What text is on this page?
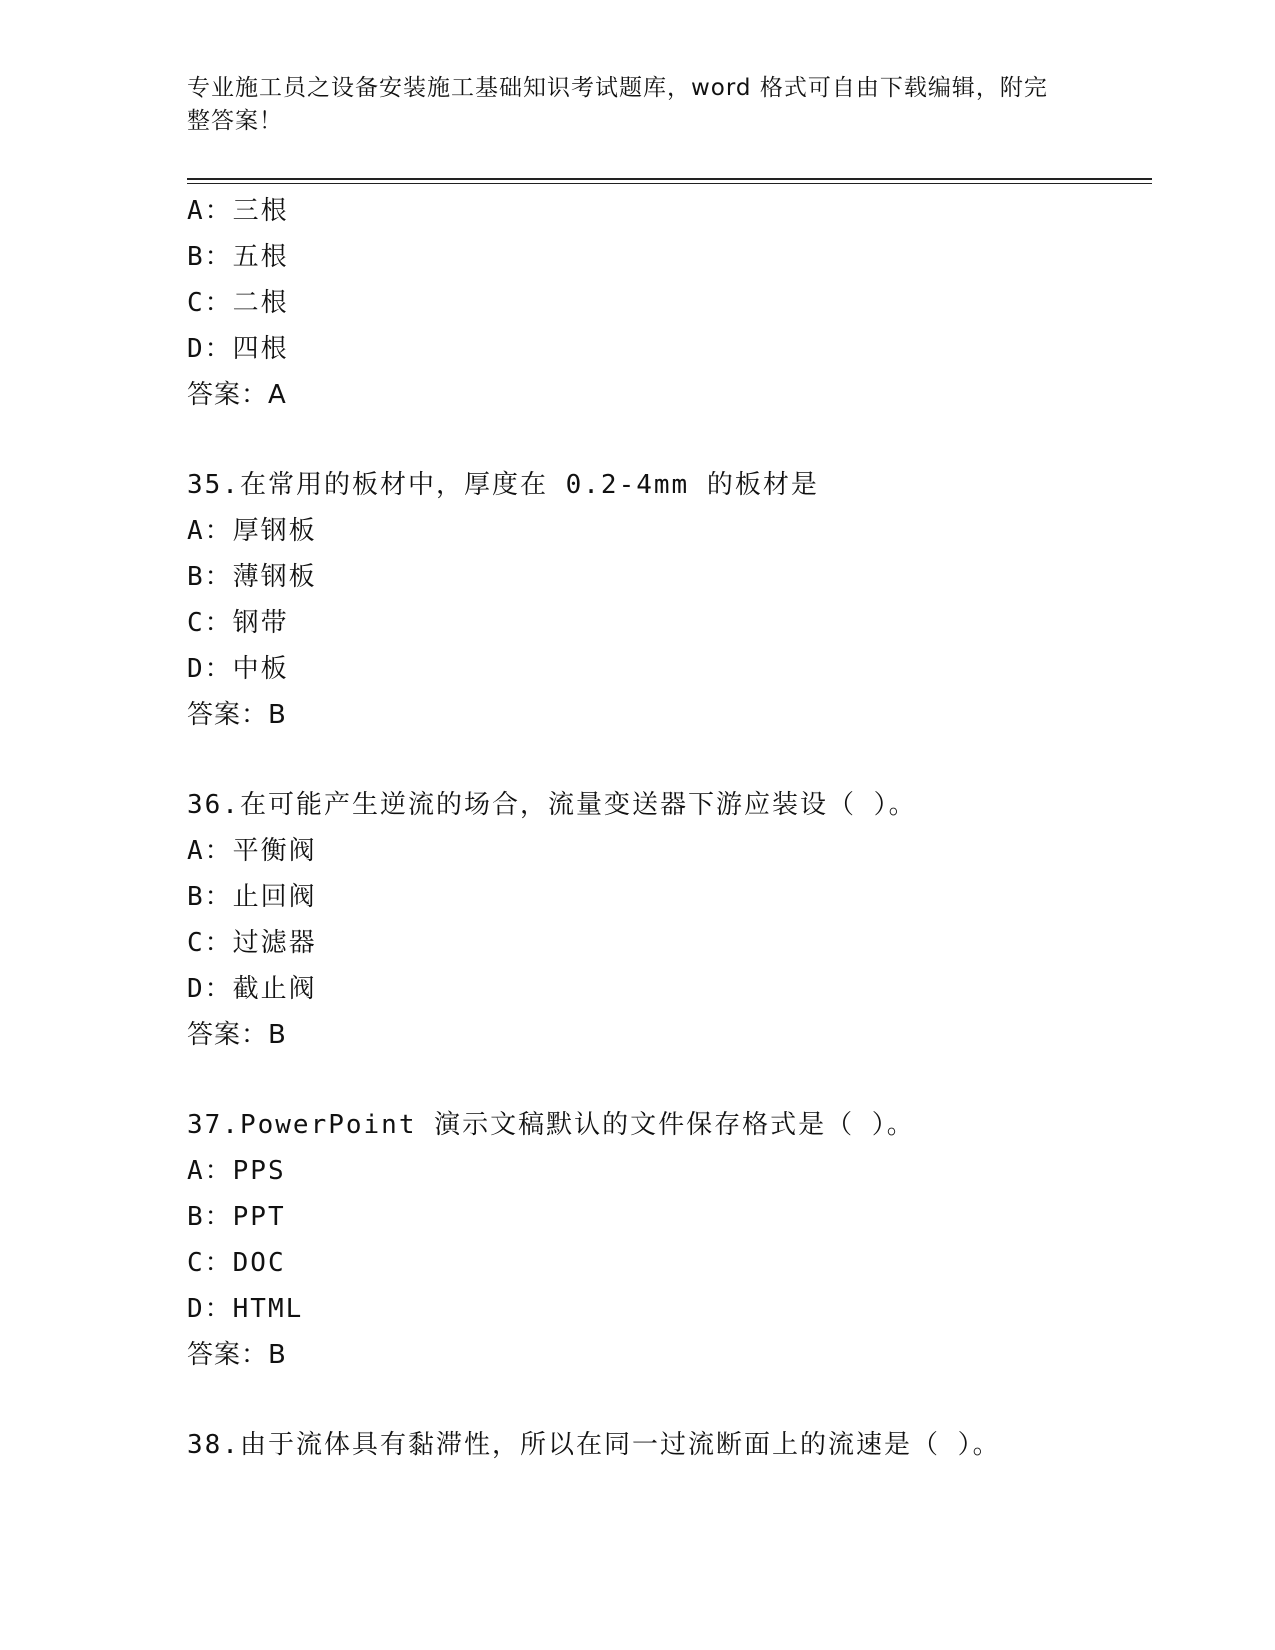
专业施工员之设备安装施工基础知识考试题库，word 格式可自由下载编辑，附完
整答案！
A：三根
B：五根
C：二根
D：四根
答案：A
35.在常用的板材中，厚度在 0.2-4mm 的板材是
A：厚钢板
B：薄钢板
C：钢带
D：中板
答案：B
36.在可能产生逆流的场合，流量变送器下游应装设（ ）。
A：平衡阀
B：止回阀
C：过滤器
D：截止阀
答案：B
37.PowerPoint 演示文稿默认的文件保存格式是（ ）。
A：PPS
B：PPT
C：DOC
D：HTML
答案：B
38.由于流体具有黏滞性，所以在同一过流断面上的流速是（ ）。
